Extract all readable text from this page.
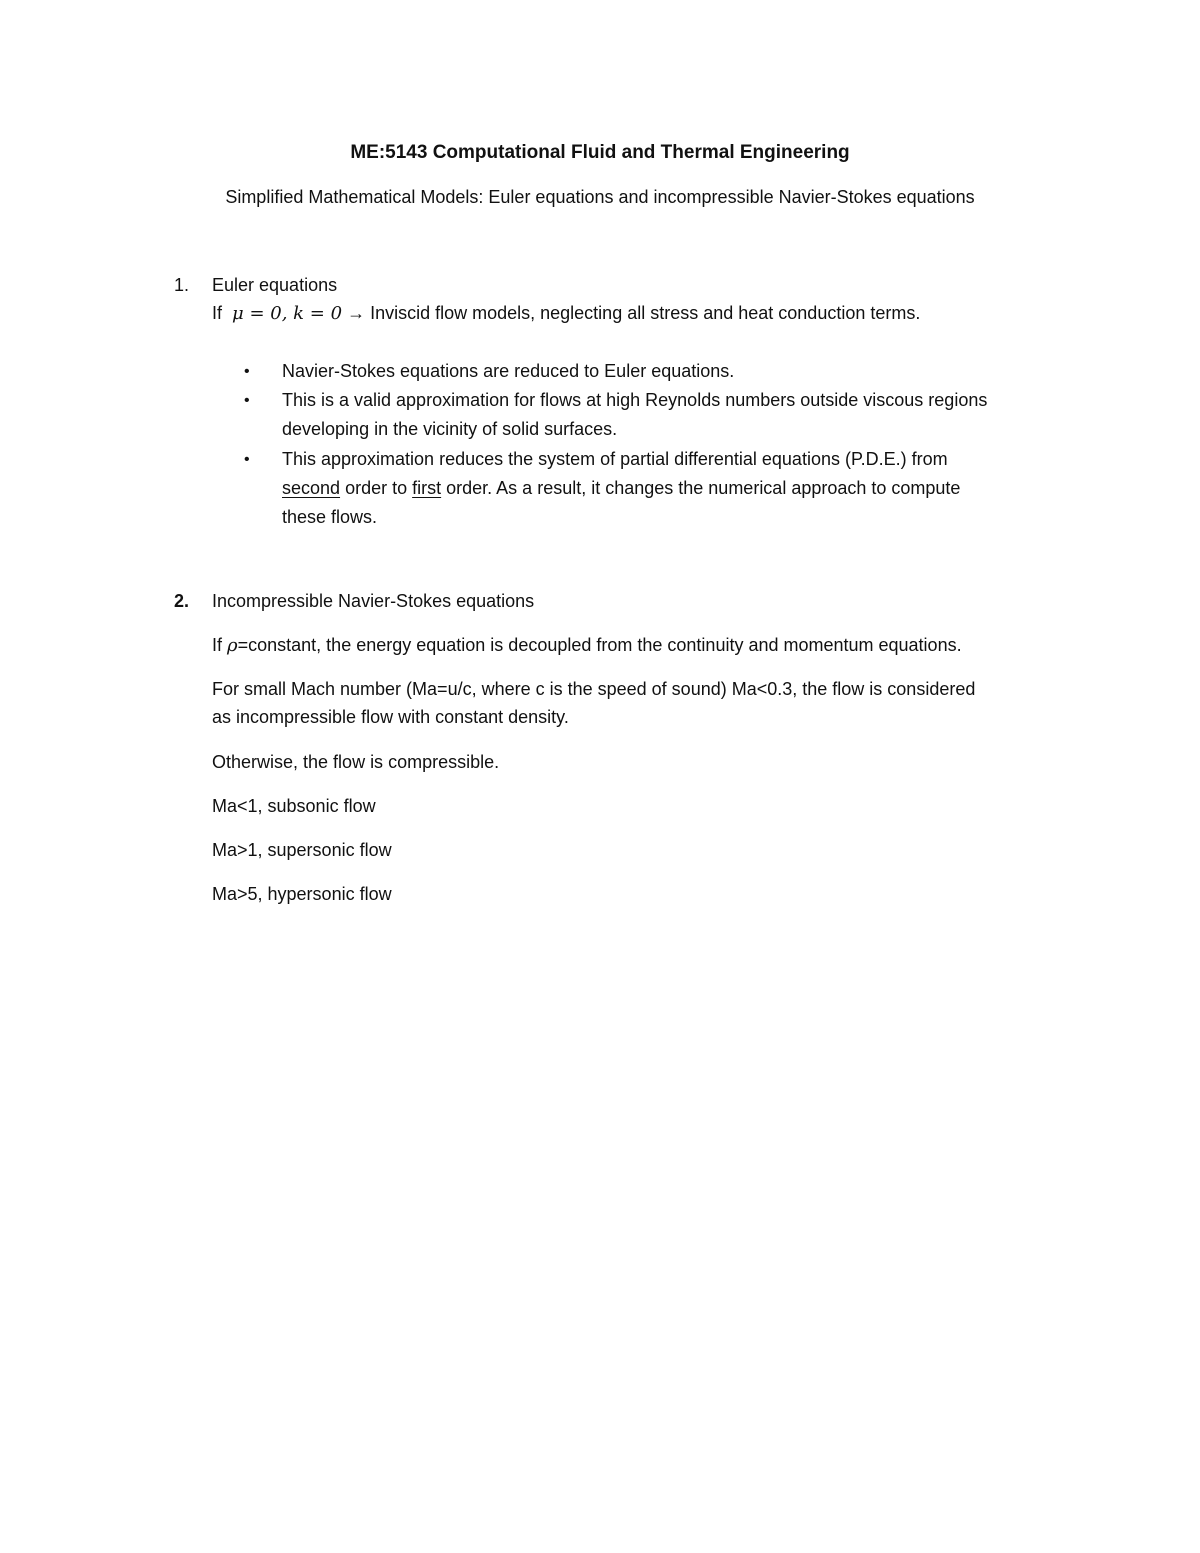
ME:5143 Computational Fluid and Thermal Engineering
Simplified Mathematical Models: Euler equations and incompressible Navier-Stokes equations
1. Euler equations
If μ = 0, k = 0 → Inviscid flow models, neglecting all stress and heat conduction terms.
• Navier-Stokes equations are reduced to Euler equations.
• This is a valid approximation for flows at high Reynolds numbers outside viscous regions
developing in the vicinity of solid surfaces.
• This approximation reduces the system of partial differential equations (P.D.E.) from
second order to first order. As a result, it changes the numerical approach to compute
these flows.
2. Incompressible Navier-Stokes equations
If ρ=constant, the energy equation is decoupled from the continuity and momentum equations.
For small Mach number (Ma=u/c, where c is the speed of sound) Ma<0.3, the flow is considered
as incompressible flow with constant density.
Otherwise, the flow is compressible.
Ma<1, subsonic flow
Ma>1, supersonic flow
Ma>5, hypersonic flow
